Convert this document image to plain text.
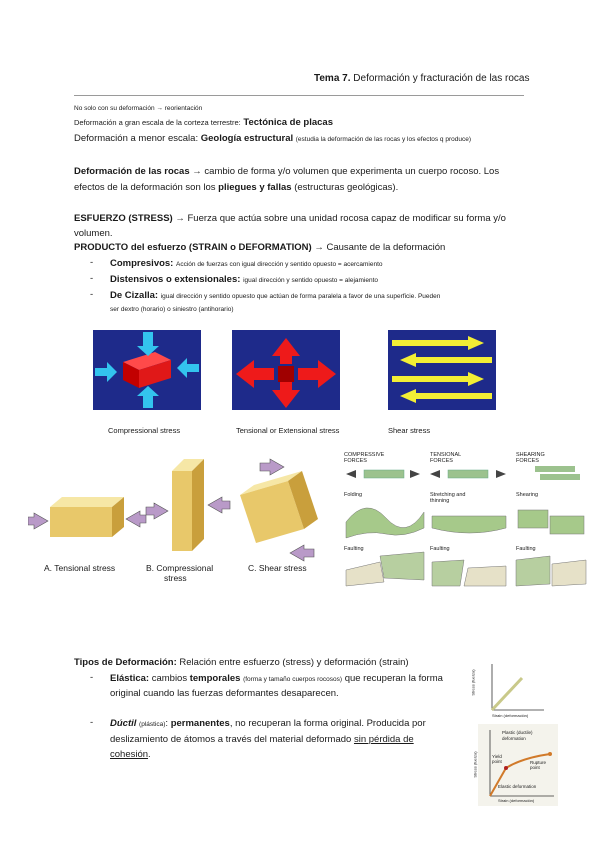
Tema 7. Deformación y fracturación de las rocas
No solo con su deformación → reorientación
Deformación a gran escala de la corteza terrestre: Tectónica de placas
Deformación a menor escala: Geología estructural (estudia la deformación de las rocas y los efectos q produce)
Deformación de las rocas → cambio de forma y/o volumen que experimenta un cuerpo rocoso. Los
efectos de la deformación son los pliegues y fallas (estructuras geológicas).
ESFUERZO (STRESS) → Fuerza que actúa sobre una unidad rocosa capaz de modificar su forma y/o
volumen.
PRODUCTO del esfuerzo (STRAIN o DEFORMATION) → Causante de la deformación
- Compresivos: Acción de fuerzas con igual dirección y sentido opuesto = acercamiento
- Distensivos o extensionales: igual dirección y sentido opuesto = alejamiento
- De Cizalla: igual dirección y sentido opuesto que actúan de forma paralela a favor de una superficie. Pueden
ser dextro (horario) o siniestro (antihorario)
Compressional stress	Tensional or Extensional stress	Shear stress
A. Tensional stress	B. Compressional
stress
C. Shear stress
COMPRESSIVE FORCES
TENSIONAL FORCES
SHEARING FORCES
Folding	Stretching and thinning
Shearing
Faulting	Faulting	Faulting
Tipos de Deformación: Relación entre esfuerzo (stress) y deformación (strain)
- Elástica: cambios temporales (forma y tamaño cuerpos rocosos) que recuperan la forma
original cuando las fuerzas deformantes desaparecen.
- Dúctil (plástica): permanentes, no recuperan la forma original. Producida por
deslizamiento de átomos a través del material deformado sin pérdida de
cohesión.
Stress (fuerza)
Strain (deformación)
Plastic (ductile)
deformation
Yield point	Rupture point
Elastic deformation
Stress (fuerza)
Strain (deformación)
